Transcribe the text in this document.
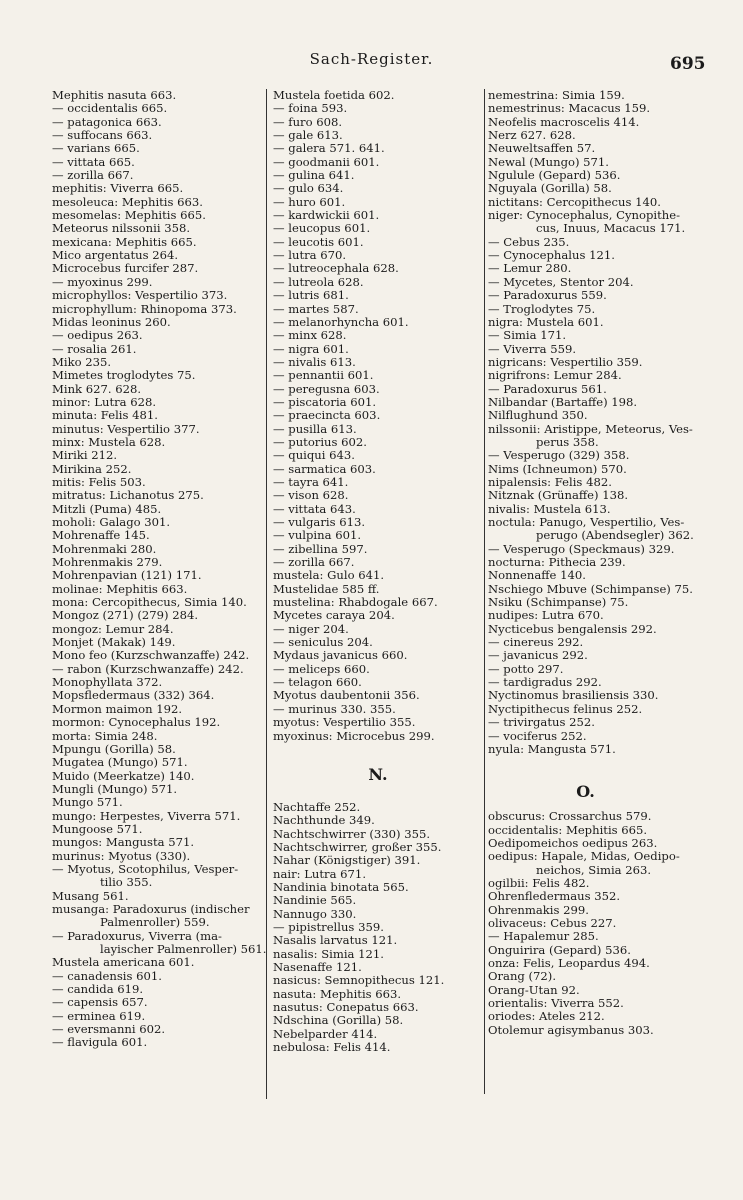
Sach-Register.	695
Mephitis nasuta 663.
— occidentalis 665.
— patagonica 663.
— suffocans 663.
— varians 665.
— vittata 665.
— zorilla 667.
mephitis: Viverra 665.
mesoleuca: Mephitis 663.
mesomelas: Mephitis 665.
Meteorus nilssonii 358.
mexicana: Mephitis 665.
Mico argentatus 264.
Microcebus furcifer 287.
— myoxinus 299.
microphyllos: Vespertilio 373.
microphyllum: Rhinopoma 373.
Midas leoninus 260.
— oedipus 263.
— rosalia 261.
Miko 235.
Mimetes troglodytes 75.
Mink 627. 628.
minor: Lutra 628.
minuta: Felis 481.
minutus: Vespertilio 377.
minx: Mustela 628.
Miriki 212.
Mirikina 252.
mitis: Felis 503.
mitratus: Lichanotus 275.
Mitzli (Puma) 485.
moholi: Galago 301.
Mohrenaffe 145.
Mohrenmaki 280.
Mohrenmakis 279.
Mohrenpavian (121) 171.
molinae: Mephitis 663.
mona: Cercopithecus, Simia 140.
Mongoz (271) (279) 284.
mongoz: Lemur 284.
Monjet (Makak) 149.
Mono feo (Kurzschwanzaffe) 242.
— rabon (Kurzschwanzaffe) 242.
Monophyllata 372.
Mopsfledermaus (332) 364.
Mormon maimon 192.
mormon: Cynocephalus 192.
morta: Simia 248.
Mpungu (Gorilla) 58.
Mugatea (Mungo) 571.
Muido (Meerkatze) 140.
Mungli (Mungo) 571.
Mungo 571.
mungo: Herpestes, Viverra 571.
Mungoose 571.
mungos: Mangusta 571.
murinus: Myotus (330).
— Myotus, Scotophilus, Vesper-
tilio 355.
Musang 561.
musanga: Paradoxurus (indischer
Palmenroller) 559.
— Paradoxurus, Viverra (ma-
layischer Palmenroller) 561.
Mustela americana 601.
— canadensis 601.
— candida 619.
— capensis 657.
— erminea 619.
— eversmanni 602.
— flavigula 601.
Mustela foetida 602.
— foina 593.
— furo 608.
— gale 613.
— galera 571. 641.
— goodmanii 601.
— gulina 641.
— gulo 634.
— huro 601.
— kardwickii 601.
— leucopus 601.
— leucotis 601.
— lutra 670.
— lutreocephala 628.
— lutreola 628.
— lutris 681.
— martes 587.
— melanorhyncha 601.
— minx 628.
— nigra 601.
— nivalis 613.
— pennantii 601.
— peregusna 603.
— piscatoria 601.
— praecincta 603.
— pusilla 613.
— putorius 602.
— quiqui 643.
— sarmatica 603.
— tayra 641.
— vison 628.
— vittata 643.
— vulgaris 613.
— vulpina 601.
— zibellina 597.
— zorilla 667.
mustela: Gulo 641.
Mustelidae 585 ff.
mustelina: Rhabdogale 667.
Mycetes caraya 204.
— niger 204.
— seniculus 204.
Mydaus javanicus 660.
— meliceps 660.
— telagon 660.
Myotus daubentonii 356.
— murinus 330. 355.
myotus: Vespertilio 355.
myoxinus: Microcebus 299.
N.
Nachtaffe 252.
Nachthunde 349.
Nachtschwirrer (330) 355.
Nachtschwirrer, großer 355.
Nahar (Königstiger) 391.
nair: Lutra 671.
Nandinia binotata 565.
Nandinie 565.
Nannugo 330.
— pipistrellus 359.
Nasalis larvatus 121.
nasalis: Simia 121.
Nasenaffe 121.
nasicus: Semnopithecus 121.
nasuta: Mephitis 663.
nasutus: Conepatus 663.
Ndschina (Gorilla) 58.
Nebelparder 414.
nebulosa: Felis 414.
nemestrina: Simia 159.
nemestrinus: Macacus 159.
Neofelis macroscelis 414.
Nerz 627. 628.
Neuweltsaffen 57.
Newal (Mungo) 571.
Ngulule (Gepard) 536.
Nguyala (Gorilla) 58.
nictitans: Cercopithecus 140.
niger: Cynocephalus, Cynopithe-
cus, Inuus, Macacus 171.
— Cebus 235.
— Cynocephalus 121.
— Lemur 280.
— Mycetes, Stentor 204.
— Paradoxurus 559.
— Troglodytes 75.
nigra: Mustela 601.
— Simia 171.
— Viverra 559.
nigricans: Vespertilio 359.
nigrifrons: Lemur 284.
— Paradoxurus 561.
Nilbandar (Bartaffe) 198.
Nilflughund 350.
nilssonii: Aristippe, Meteorus, Ves-
perus 358.
— Vesperugo (329) 358.
Nims (Ichneumon) 570.
nipalensis: Felis 482.
Nitznak (Grünaffe) 138.
nivalis: Mustela 613.
noctula: Panugo, Vespertilio, Ves-
perugo (Abendsegler) 362.
— Vesperugo (Speckmaus) 329.
nocturna: Pithecia 239.
Nonnenaffe 140.
Nschiego Mbuve (Schimpanse) 75.
Nsiku (Schimpanse) 75.
nudipes: Lutra 670.
Nycticebus bengalensis 292.
— cinereus 292.
— javanicus 292.
— potto 297.
— tardigradus 292.
Nyctinomus brasiliensis 330.
Nyctipithecus felinus 252.
— trivirgatus 252.
— vociferus 252.
nyula: Mangusta 571.
O.
obscurus: Crossarchus 579.
occidentalis: Mephitis 665.
Oedipomeichos oedipus 263.
oedipus: Hapale, Midas, Oedipo-
neichos, Simia 263.
ogilbii: Felis 482.
Ohrenfledermaus 352.
Ohrenmakis 299.
olivaceus: Cebus 227.
— Hapalemur 285.
Onguirira (Gepard) 536.
onza: Felis, Leopardus 494.
Orang (72).
Orang-Utan 92.
orientalis: Viverra 552.
oriodes: Ateles 212.
Otolemur agisymbanus 303.
